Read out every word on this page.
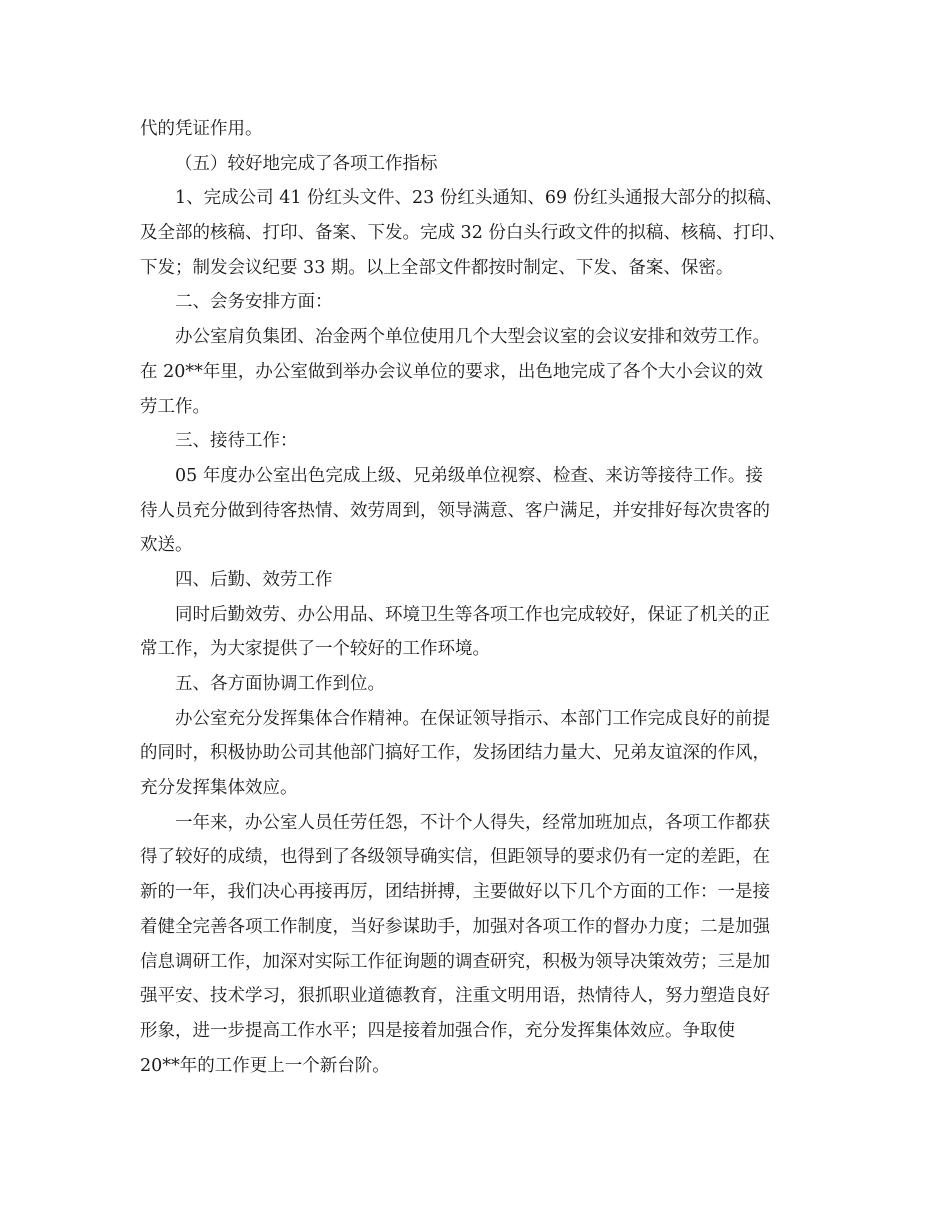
代的凭证作用。
（五）较好地完成了各项工作指标
1、完成公司 41 份红头文件、23 份红头通知、69 份红头通报大部分的拟稿、
及全部的核稿、打印、备案、下发。完成 32 份白头行政文件的拟稿、核稿、打印、
下发；制发会议纪要 33 期。以上全部文件都按时制定、下发、备案、保密。
二、会务安排方面：
办公室肩负集团、冶金两个单位使用几个大型会议室的会议安排和效劳工作。
在 20**年里，办公室做到举办会议单位的要求，出色地完成了各个大小会议的效
劳工作。
三、接待工作：
05 年度办公室出色完成上级、兄弟级单位视察、检查、来访等接待工作。接
待人员充分做到待客热情、效劳周到，领导满意、客户满足，并安排好每次贵客的
欢送。
四、后勤、效劳工作
同时后勤效劳、办公用品、环境卫生等各项工作也完成较好，保证了机关的正
常工作，为大家提供了一个较好的工作环境。
五、各方面协调工作到位。
办公室充分发挥集体合作精神。在保证领导指示、本部门工作完成良好的前提
的同时，积极协助公司其他部门搞好工作，发扬团结力量大、兄弟友谊深的作风，
充分发挥集体效应。
一年来，办公室人员任劳任怨，不计个人得失，经常加班加点，各项工作都获
得了较好的成绩，也得到了各级领导确实信，但距领导的要求仍有一定的差距，在
新的一年，我们决心再接再厉，团结拼搏，主要做好以下几个方面的工作：一是接
着健全完善各项工作制度，当好参谋助手，加强对各项工作的督办力度；二是加强
信息调研工作，加深对实际工作征询题的调查研究，积极为领导决策效劳；三是加
强平安、技术学习，狠抓职业道德教育，注重文明用语，热情待人，努力塑造良好
形象，进一步提高工作水平；四是接着加强合作，充分发挥集体效应。争取使
20**年的工作更上一个新台阶。
